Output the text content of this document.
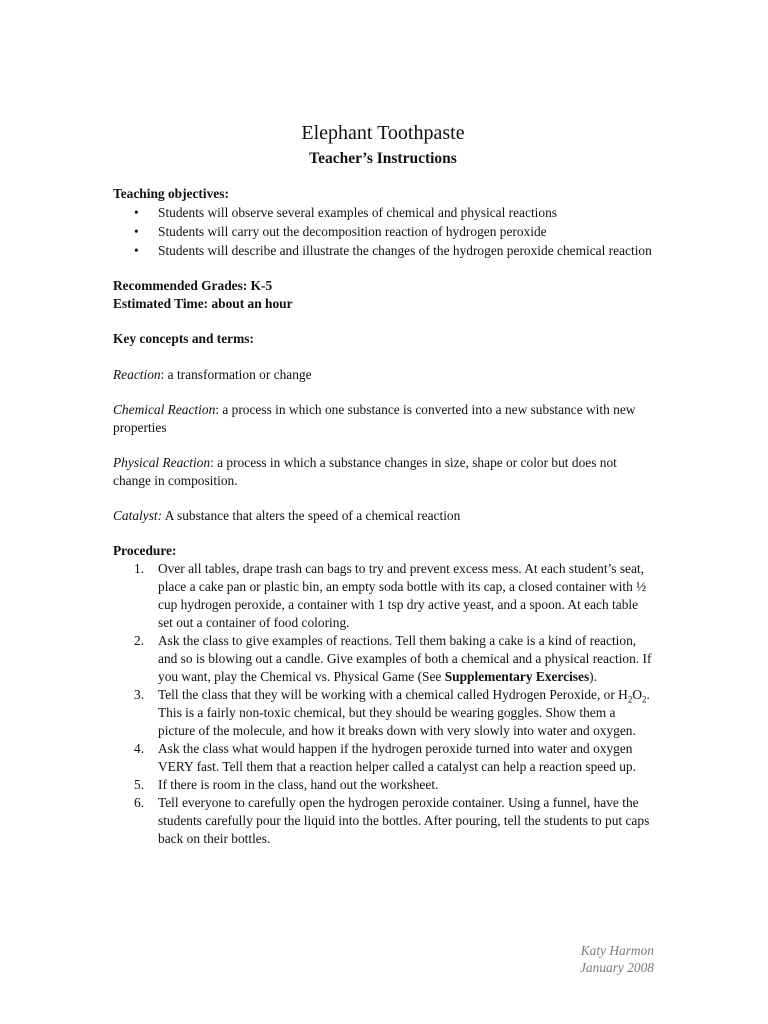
Elephant Toothpaste
Teacher’s Instructions

Teaching objectives:

• Students will observe several examples of chemical and physical reactions
• Students will carry out the decomposition reaction of hydrogen peroxide
• Students will describe and illustrate the changes of the hydrogen peroxide chemical reaction

Recommended Grades: K-5

Estimated Time: about an hour

Key concepts and terms:

Reaction: a transformation or change

Chemical Reaction: a process in which one substance is converted into a new substance with new properties

Physical Reaction: a process in which a substance changes in size, shape or color but does not change in composition.

Catalyst: A substance that alters the speed of a chemical reaction

Procedure:

1. Over all tables, drape trash can bags to try and prevent excess mess. At each student’s seat, place a cake pan or plastic bin, an empty soda bottle with its cap, a closed container with ½ cup hydrogen peroxide, a container with 1 tsp dry active yeast, and a spoon. At each table set out a container of food coloring.
2. Ask the class to give examples of reactions. Tell them baking a cake is a kind of reaction, and so is blowing out a candle. Give examples of both a chemical and a physical reaction. If you want, play the Chemical vs. Physical Game (See Supplementary Exercises).
3. Tell the class that they will be working with a chemical called Hydrogen Peroxide, or $H_2O_2$. This is a fairly non-toxic chemical, but they should be wearing goggles. Show them a picture of the molecule, and how it breaks down with very slowly into water and oxygen.
4. Ask the class what would happen if the hydrogen peroxide turned into water and oxygen VERY fast. Tell them that a reaction helper called a catalyst can help a reaction speed up.
5. If there is room in the class, hand out the worksheet.
6. Tell everyone to carefully open the hydrogen peroxide container. Using a funnel, have the students carefully pour the liquid into the bottles. After pouring, tell the students to put caps back on their bottles.
Katy Harmon
January 2008
